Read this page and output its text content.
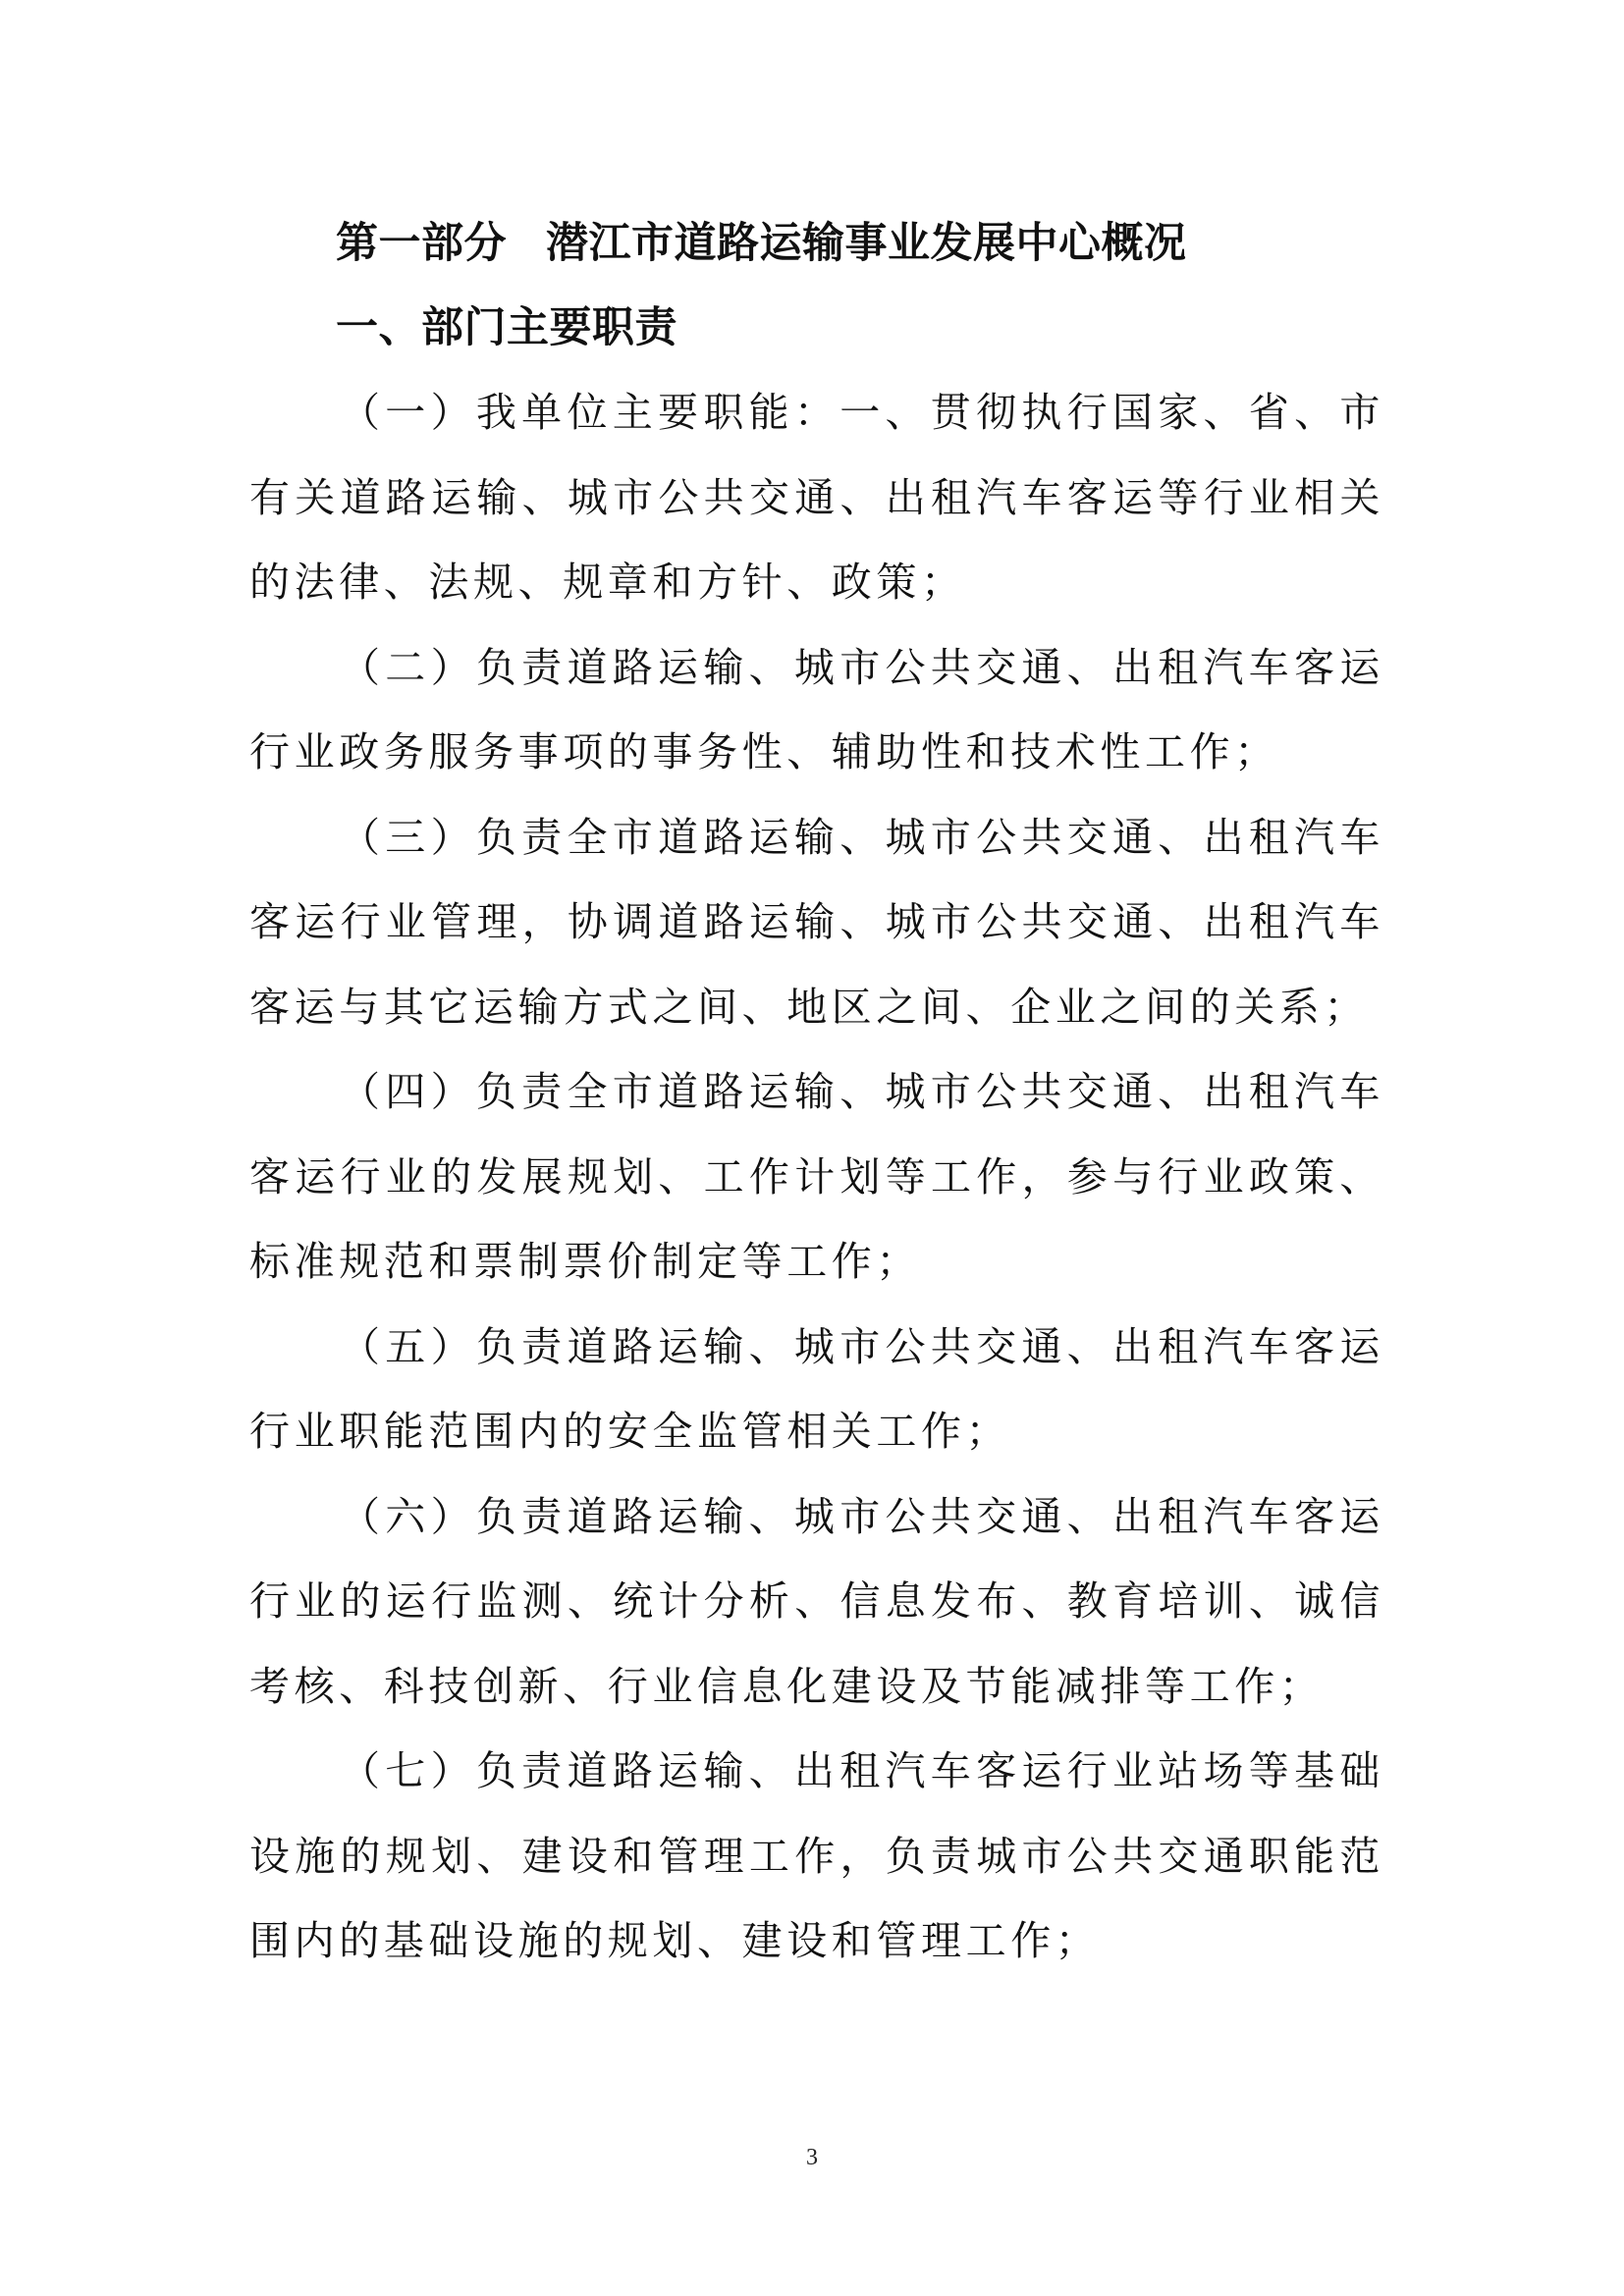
第一部分 潜江市道路运输事业发展中心概况
一、部门主要职责

（一）我单位主要职能：一、贯彻执行国家、省、市有关道路运输、城市公共交通、出租汽车客运等行业相关的法律、法规、规章和方针、政策；

（二）负责道路运输、城市公共交通、出租汽车客运行业政务服务事项的事务性、辅助性和技术性工作；

（三）负责全市道路运输、城市公共交通、出租汽车客运行业管理，协调道路运输、城市公共交通、出租汽车客运与其它运输方式之间、地区之间、企业之间的关系；

（四）负责全市道路运输、城市公共交通、出租汽车客运行业的发展规划、工作计划等工作，参与行业政策、标准规范和票制票价制定等工作；

（五）负责道路运输、城市公共交通、出租汽车客运行业职能范围内的安全监管相关工作；

（六）负责道路运输、城市公共交通、出租汽车客运行业的运行监测、统计分析、信息发布、教育培训、诚信考核、科技创新、行业信息化建设及节能减排等工作；

（七）负责道路运输、出租汽车客运行业站场等基础设施的规划、建设和管理工作，负责城市公共交通职能范围内的基础设施的规划、建设和管理工作；

3
